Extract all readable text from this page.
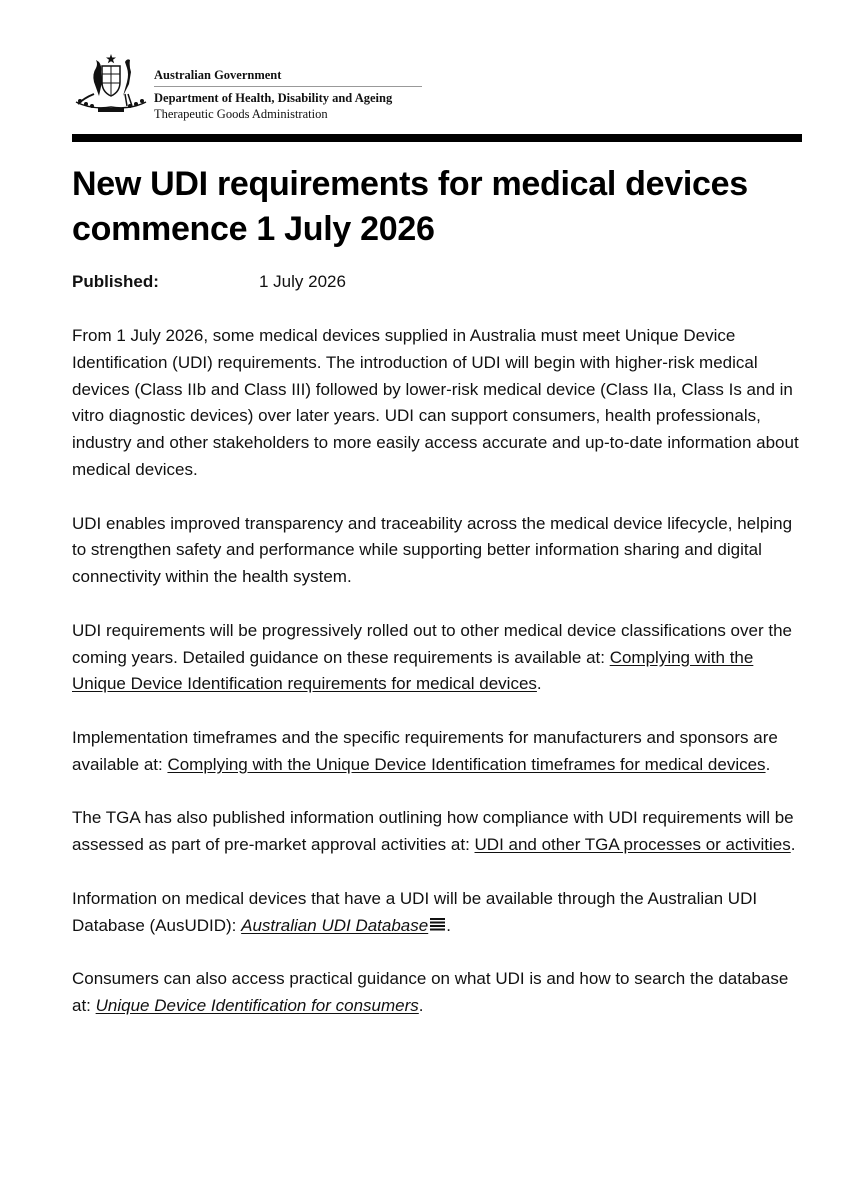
Australian Government
Department of Health, Disability and Ageing
Therapeutic Goods Administration
New UDI requirements for medical devices commence 1 July 2026
Published:	1 July 2026

From 1 July 2026, some medical devices supplied in Australia must meet Unique Device Identification (UDI) requirements. The introduction of UDI will begin with higher-risk medical devices (Class IIb and Class III) followed by lower-risk medical device (Class IIa, Class Is and in vitro diagnostic devices) over later years. UDI can support consumers, health professionals, industry and other stakeholders to more easily access accurate and up-to-date information about medical devices.

UDI enables improved transparency and traceability across the medical device lifecycle, helping to strengthen safety and performance while supporting better information sharing and digital connectivity within the health system.

UDI requirements will be progressively rolled out to other medical device classifications over the coming years. Detailed guidance on these requirements is available at: Complying with the Unique Device Identification requirements for medical devices.

Implementation timeframes and the specific requirements for manufacturers and sponsors are available at: Complying with the Unique Device Identification timeframes for medical devices.

The TGA has also published information outlining how compliance with UDI requirements will be assessed as part of pre-market approval activities at: UDI and other TGA processes or activities.

Information on medical devices that have a UDI will be available through the Australian UDI Database (AusUDID): Australian UDI Database .

Consumers can also access practical guidance on what UDI is and how to search the database at: Unique Device Identification for consumers.
